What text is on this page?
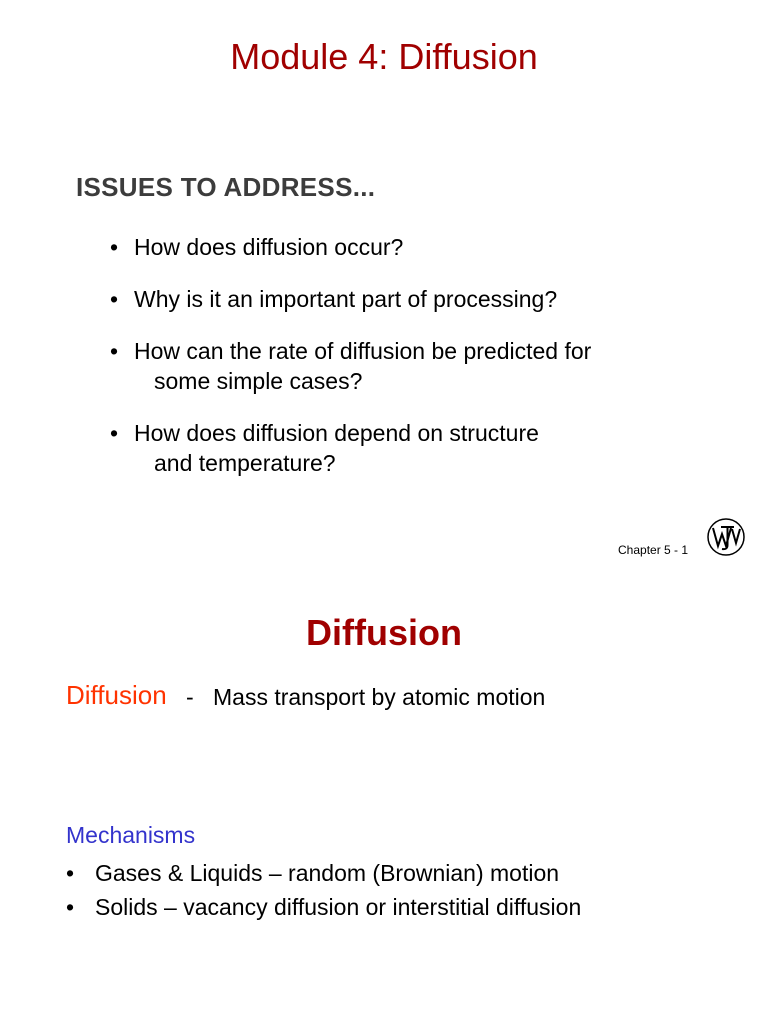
Module 4: Diffusion
ISSUES TO ADDRESS...
• How does diffusion occur?
• Why is it an important part of processing?
• How can the rate of diffusion be predicted for
some simple cases?
• How does diffusion depend on structure
and temperature?
Chapter 5 - 1
Diffusion
Diffusion - Mass transport by atomic motion
Mechanisms
• Gases & Liquids – random (Brownian) motion
• Solids – vacancy diffusion or interstitial diffusion
